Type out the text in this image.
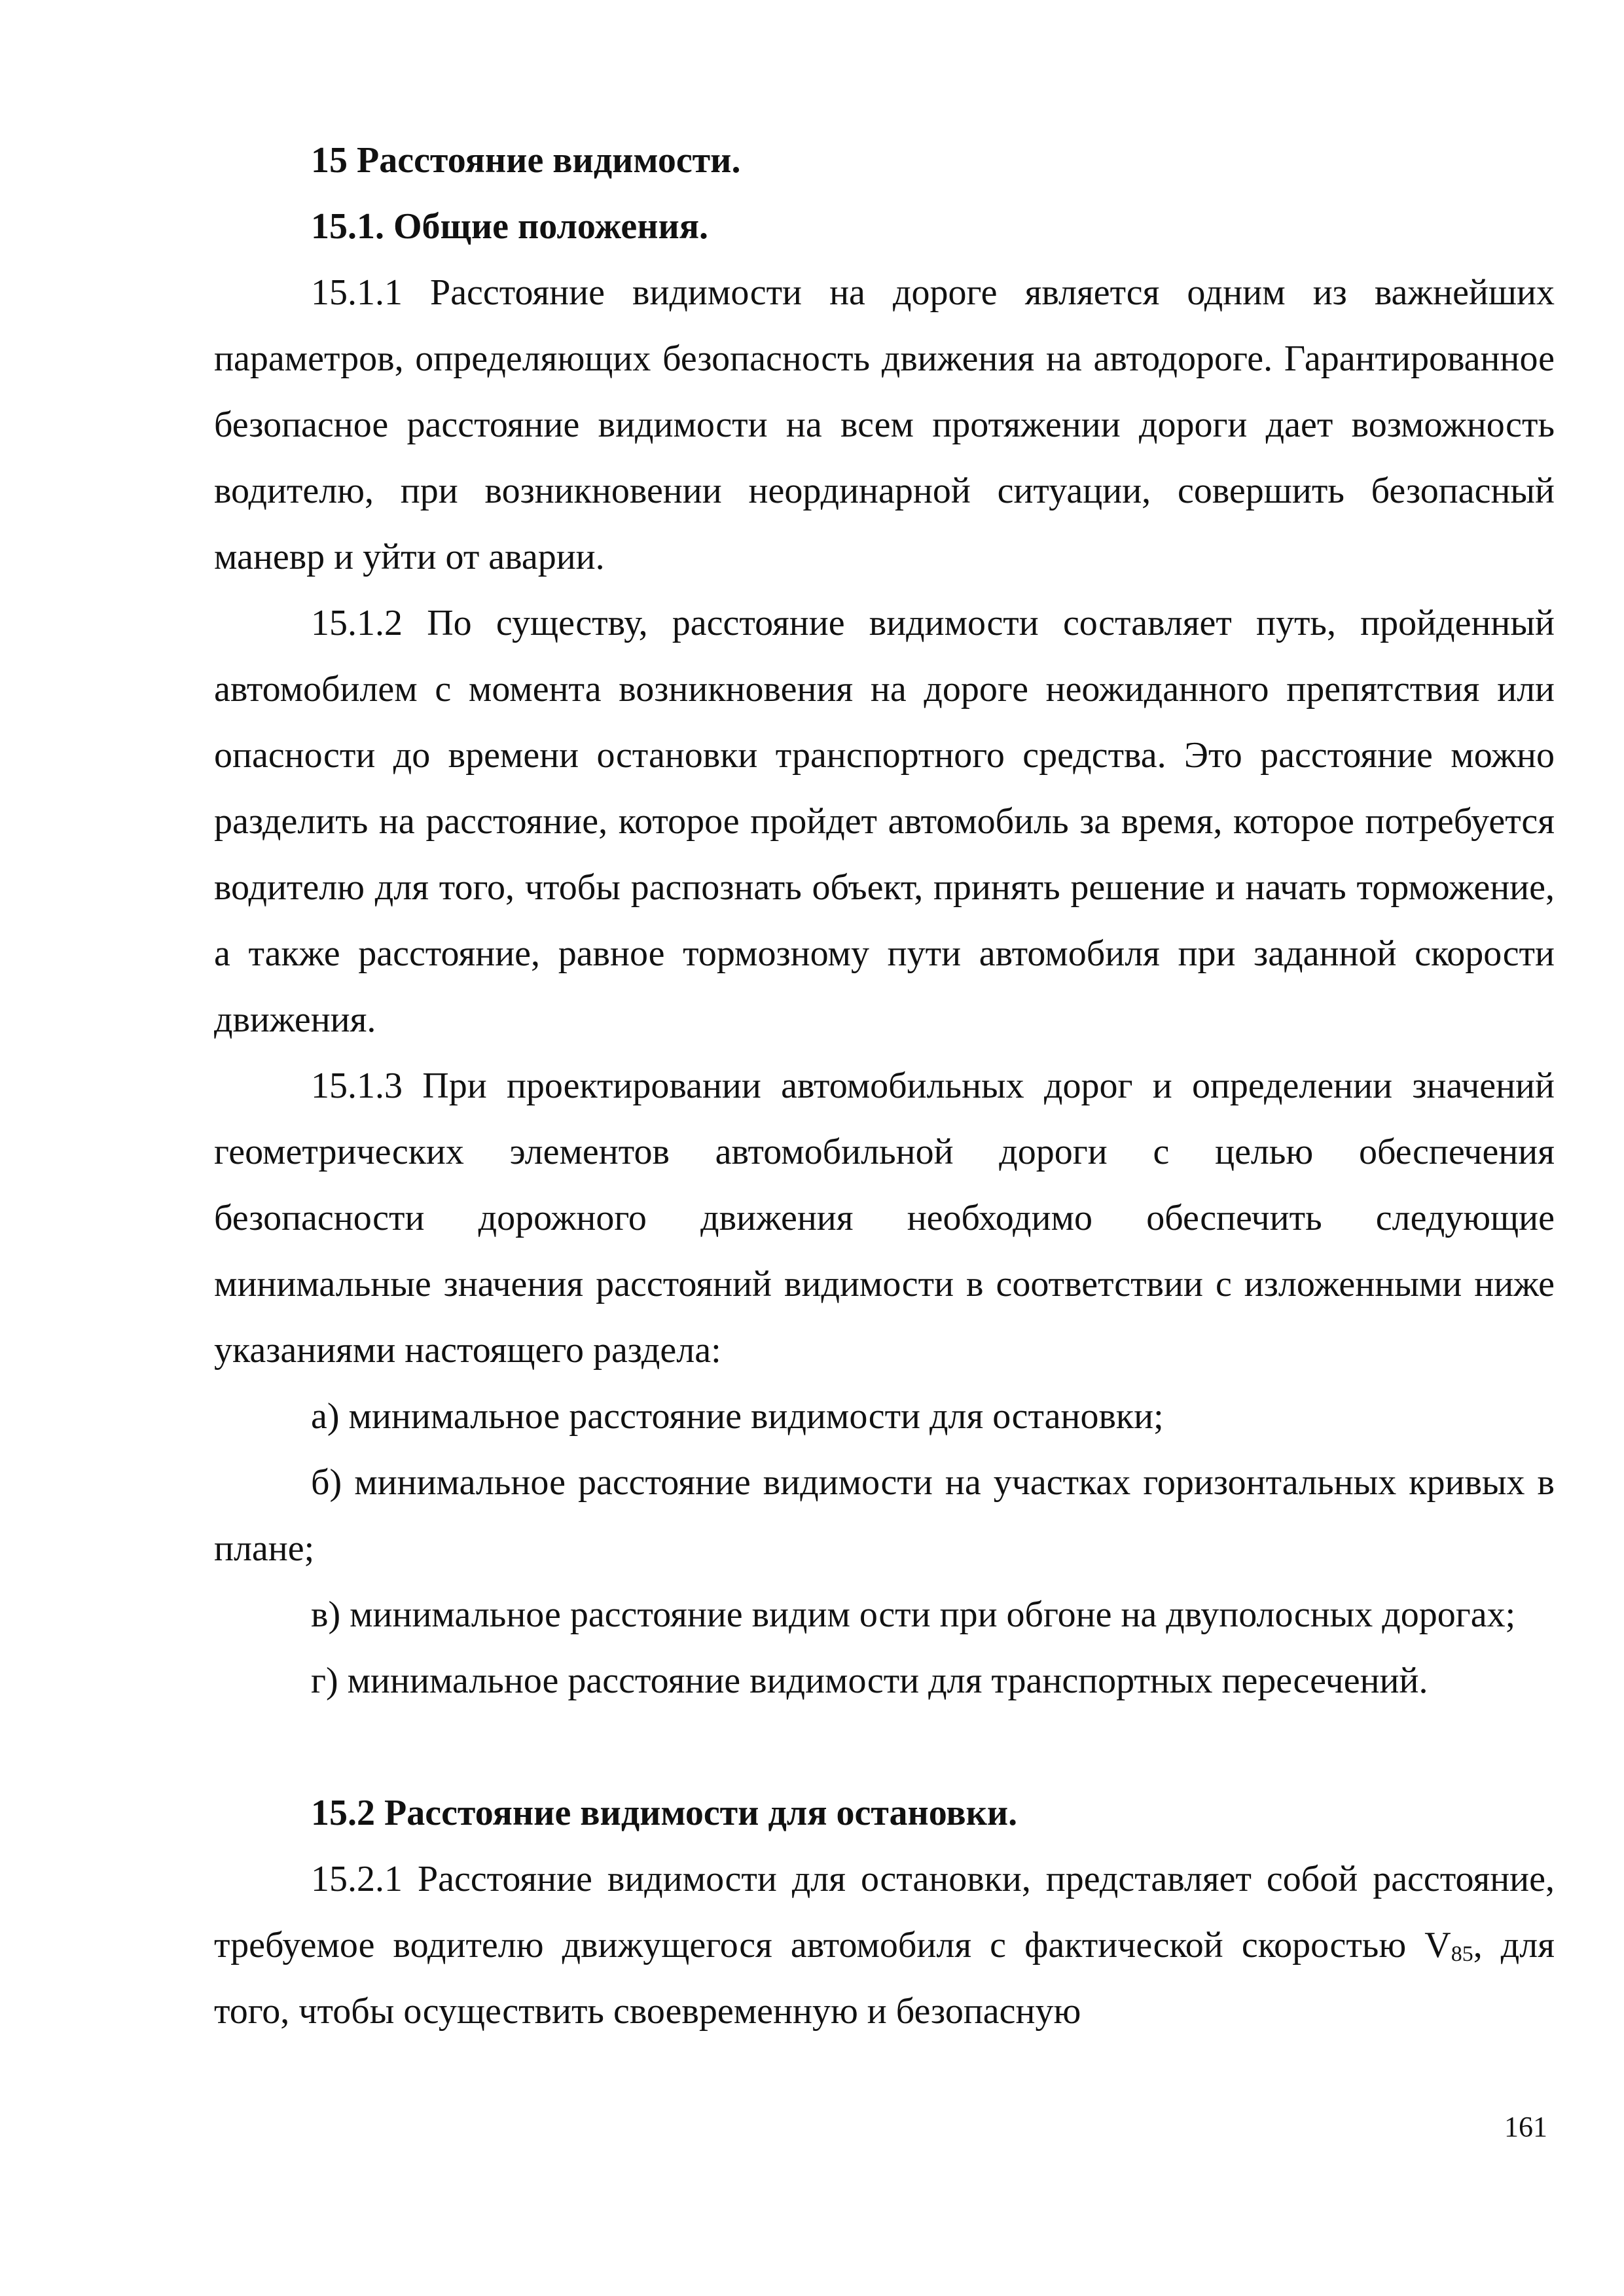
15 Расстояние видимости.

15.1. Общие положения.

15.1.1 Расстояние видимости на дороге является одним из важнейших параметров, определяющих безопасность движения на автодороге. Гарантированное безопасное расстояние видимости на всем протяжении дороги дает возможность водителю, при возникновении неординарной ситуации, совершить безопасный маневр и уйти от аварии.

15.1.2 По существу, расстояние видимости составляет путь, пройденный автомобилем с момента возникновения на дороге неожиданного препятствия или опасности до времени остановки транспортного средства. Это расстояние можно разделить на расстояние, которое пройдет автомобиль за время, которое потребуется водителю для того, чтобы распознать объект, принять решение и начать торможение, а также расстояние, равное тормозному пути автомобиля при заданной скорости движения.

15.1.3 При проектировании автомобильных дорог и определении значений геометрических элементов автомобильной дороги с целью обеспечения безопасности дорожного движения необходимо обеспечить следующие минимальные значения расстояний видимости в соответствии с изложенными ниже указаниями настоящего раздела:

а) минимальное расстояние видимости для остановки;

б) минимальное расстояние видимости на участках горизонтальных кривых в плане;

в) минимальное расстояние видим ости при обгоне на двуполосных дорогах;

г) минимальное расстояние видимости для транспортных пересечений.

15.2 Расстояние видимости для остановки.

15.2.1 Расстояние видимости для остановки, представляет собой расстояние, требуемое водителю движущегося автомобиля с фактической скоростью $V_{85}$, для того, чтобы осуществить своевременную и безопасную

161
